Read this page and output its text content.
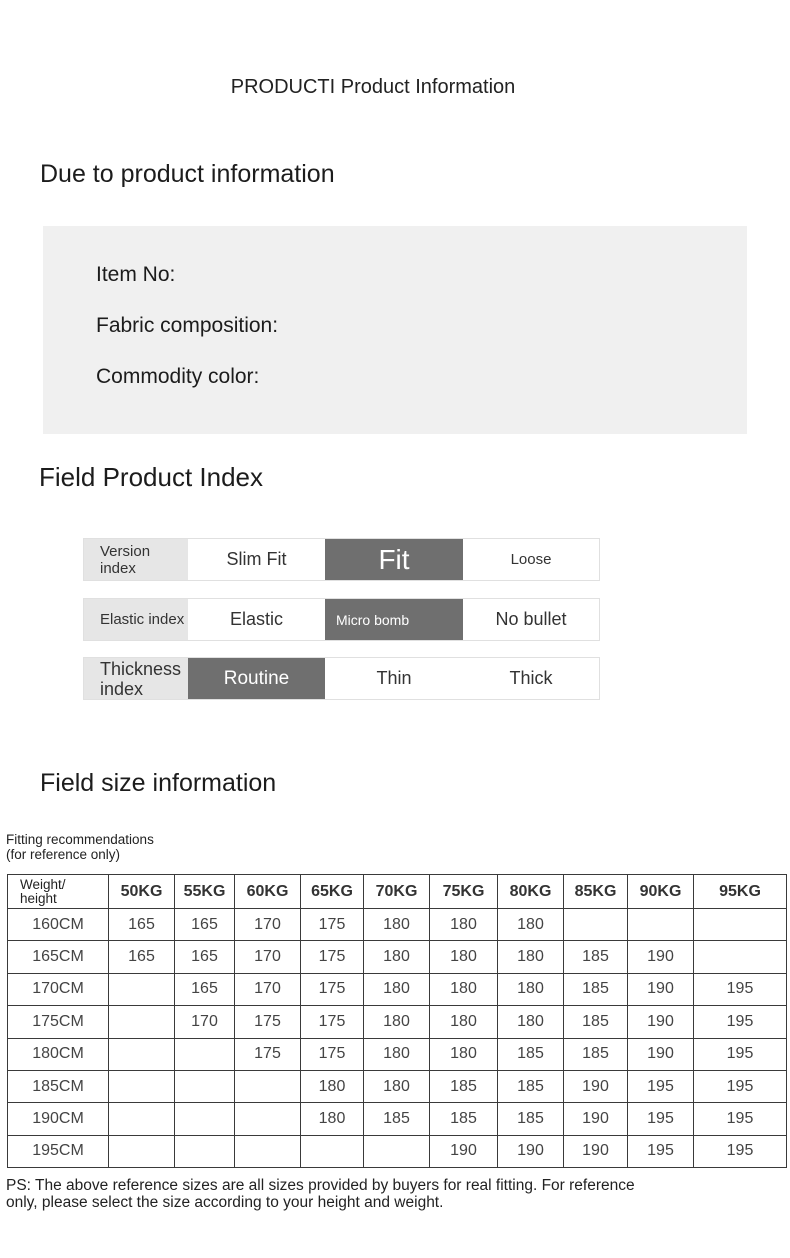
PRODUCTI Product Information
Due to product information
Item No:
Fabric composition:
Commodity color:
Field Product Index
Version index	Slim Fit	Fit	Loose
Elastic index	Elastic	Micro bomb	No bullet
Thickness
index	Routine	Thin	Thick
Field size information
Fitting recommendations
(for reference only)
Weight/
height	50KG	55KG	60KG	65KG	70KG	75KG	80KG	85KG	90KG	95KG
160CM	165	165	170	175	180	180	180			
165CM	165	165	170	175	180	180	180	185	190	
170CM		165	170	175	180	180	180	185	190	195
175CM		170	175	175	180	180	180	185	190	195
180CM			175	175	180	180	185	185	190	195
185CM				180	180	185	185	190	195	195
190CM				180	185	185	185	190	195	195
195CM						190	190	190	195	195
PS: The above reference sizes are all sizes provided by buyers for real fitting. For reference
only, please select the size according to your height and weight.
